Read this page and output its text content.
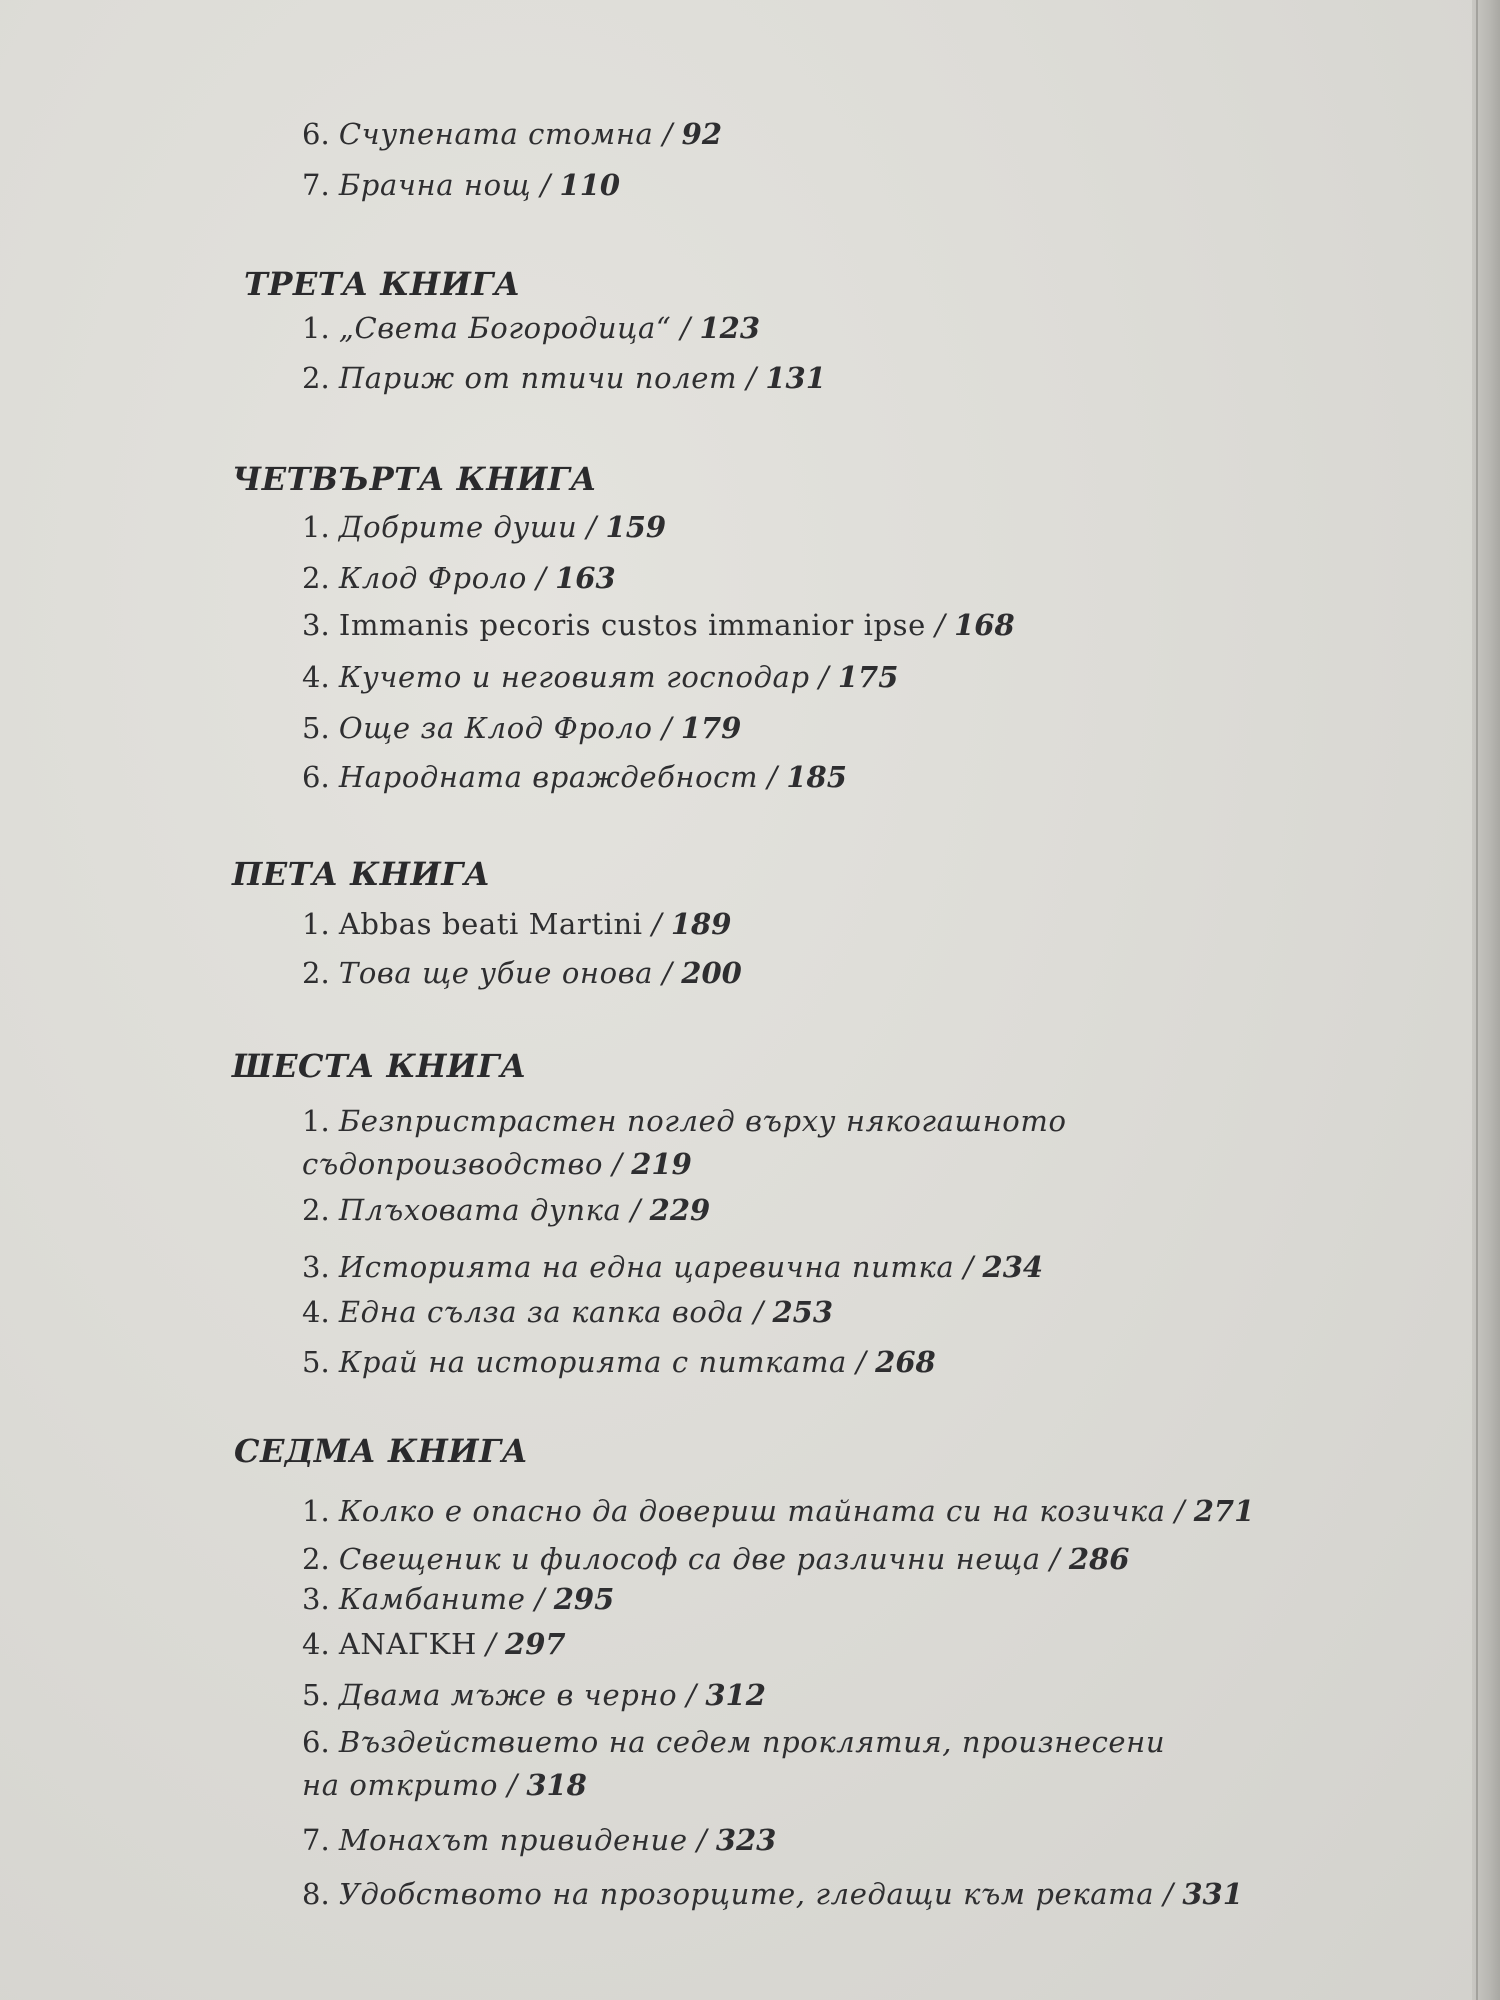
6. Счупената стомна / 92
7. Брачна нощ / 110
ТРЕТА КНИГА
1. „Света Богородица“ / 123
2. Париж от птичи полет / 131
ЧЕТВЪРТА КНИГА
1. Добрите души / 159
2. Клод Фроло / 163
3. Immanis pecoris custos immanior ipse / 168
4. Кучето и неговият господар / 175
5. Още за Клод Фроло / 179
6. Народната враждебност / 185
ПЕТА КНИГА
1. Abbas beati Martini / 189
2. Това ще убие онова / 200
ШЕСТА КНИГА
1. Безпристрастен поглед върху някогашното
съдопроизводство / 219
2. Плъховата дупка / 229
3. Историята на една царевична питка / 234
4. Една сълза за капка вода / 253
5. Край на историята с питката / 268
СЕДМА КНИГА
1. Колко е опасно да довериш тайната си на козичка / 271
2. Свещеник и философ са две различни неща / 286
3. Камбаните / 295
4. ΑΝΑΓΚΗ / 297
5. Двама мъже в черно / 312
6. Въздействието на седем проклятия, произнесени
на открито / 318
7. Монахът привидение / 323
8. Удобството на прозорците, гледащи към реката / 331
